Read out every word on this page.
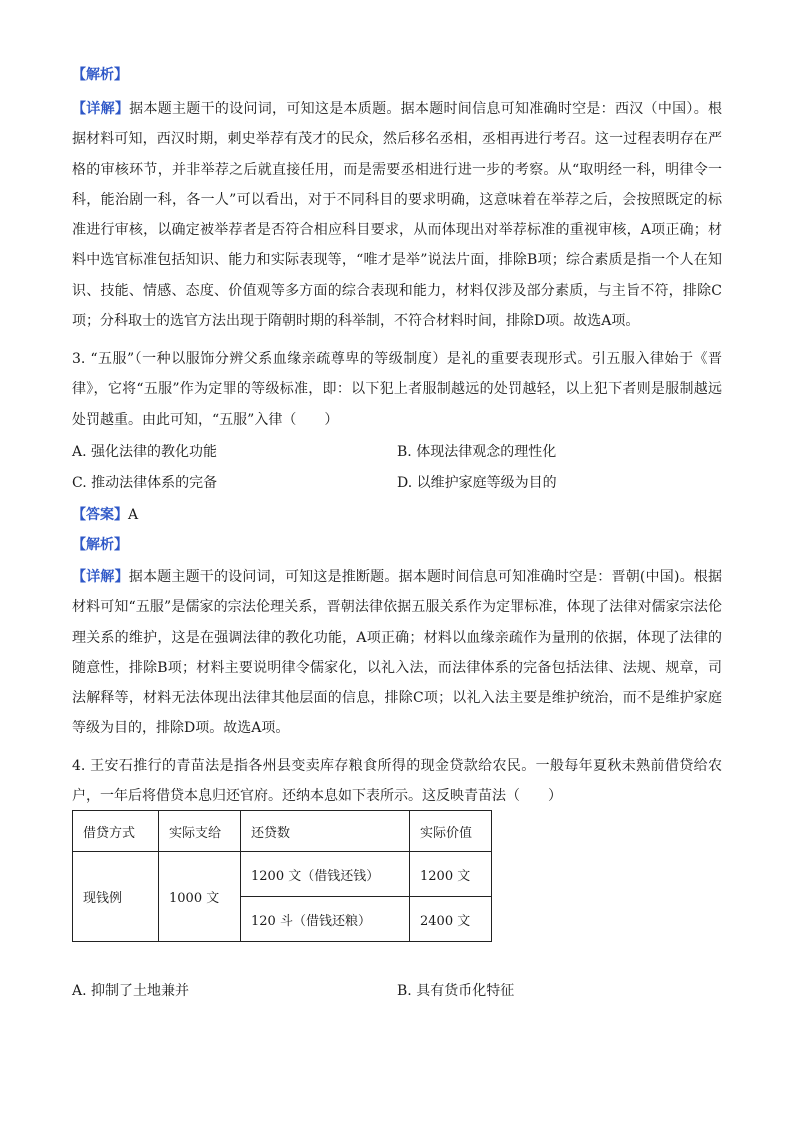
【解析】
【详解】据本题主题干的设问词，可知这是本质题。据本题时间信息可知准确时空是：西汉（中国）。根据材料可知，西汉时期，刺史举荐有茂才的民众，然后移名丞相，丞相再进行考召。这一过程表明存在严格的审核环节，并非举荐之后就直接任用，而是需要丞相进行进一步的考察。从“取明经一科，明律令一科，能治剧一科，各一人”可以看出，对于不同科目的要求明确，这意味着在举荐之后，会按照既定的标准进行审核，以确定被举荐者是否符合相应科目要求，从而体现出对举荐标准的重视审核，A项正确；材料中选官标准包括知识、能力和实际表现等，“唯才是举”说法片面，排除B项；综合素质是指一个人在知识、技能、情感、态度、价值观等多方面的综合表现和能力，材料仅涉及部分素质，与主旨不符，排除C项；分科取士的选官方法出现于隋朝时期的科举制，不符合材料时间，排除D项。故选A项。
3. “五服”（一种以服饰分辨父系血缘亲疏尊卑的等级制度）是礼的重要表现形式。引五服入律始于《晋律》，它将“五服”作为定罪的等级标准，即：以下犯上者服制越远的处罚越轻，以上犯下者则是服制越远处罚越重。由此可知，“五服”入律（　　）
A. 强化法律的教化功能	B. 体现法律观念的理性化
C. 推动法律体系的完备	D. 以维护家庭等级为目的
【答案】A
【解析】
【详解】据本题主题干的设问词，可知这是推断题。据本题时间信息可知准确时空是：晋朝(中国)。根据材料可知“五服”是儒家的宗法伦理关系，晋朝法律依据五服关系作为定罪标准，体现了法律对儒家宗法伦理关系的维护，这是在强调法律的教化功能，A项正确；材料以血缘亲疏作为量刑的依据，体现了法律的随意性，排除B项；材料主要说明律令儒家化，以礼入法，而法律体系的完备包括法律、法规、规章，司法解释等，材料无法体现出法律其他层面的信息，排除C项；以礼入法主要是维护统治，而不是维护家庭等级为目的，排除D项。故选A项。
4. 王安石推行的青苗法是指各州县变卖库存粮食所得的现金贷款给农民。一般每年夏秋未熟前借贷给农户，一年后将借贷本息归还官府。还纳本息如下表所示。这反映青苗法（　　）
借贷方式	实际支给	还贷数	实际价值
现钱例	1000 文	1200 文（借钱还钱）	1200 文
		120 斗（借钱还粮）	2400 文
A. 抑制了土地兼并	B. 具有货币化特征
